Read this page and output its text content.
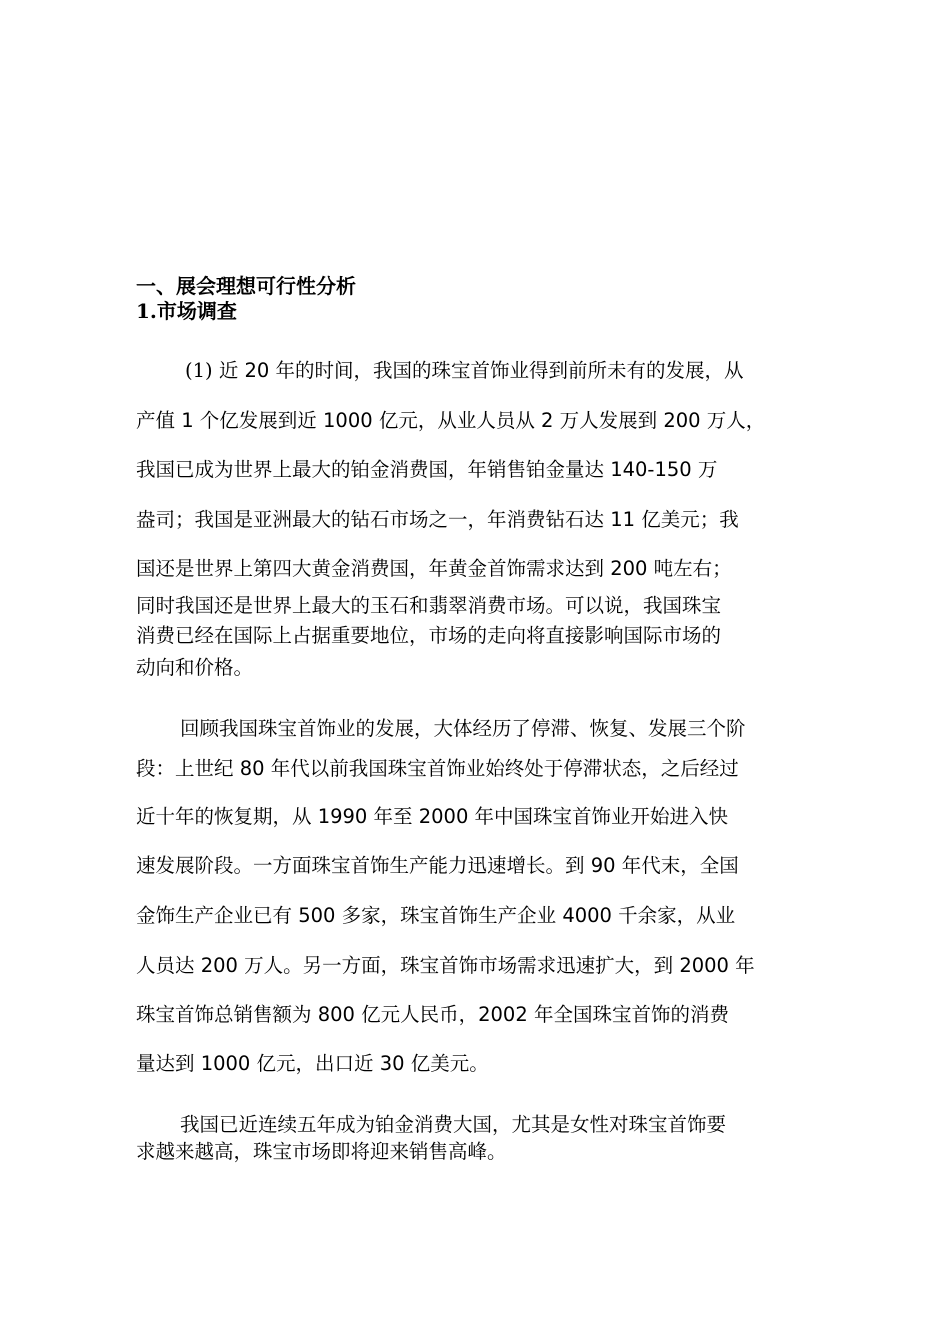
一、展会理想可行性分析
1.市场调查
(1) 近 20 年的时间，我国的珠宝首饰业得到前所未有的发展，从
产值 1 个亿发展到近 1000 亿元，从业人员从 2 万人发展到 200 万人，
我国已成为世界上最大的铂金消费国，年销售铂金量达 140-150 万
盎司；我国是亚洲最大的钻石市场之一，年消费钻石达 11 亿美元；我
国还是世界上第四大黄金消费国，年黄金首饰需求达到 200 吨左右；
同时我国还是世界上最大的玉石和翡翠消费市场。可以说，我国珠宝
消费已经在国际上占据重要地位，市场的走向将直接影响国际市场的
动向和价格。
回顾我国珠宝首饰业的发展，大体经历了停滞、恢复、发展三个阶
段：上世纪 80 年代以前我国珠宝首饰业始终处于停滞状态，之后经过
近十年的恢复期，从 1990 年至 2000 年中国珠宝首饰业开始进入快
速发展阶段。一方面珠宝首饰生产能力迅速增长。到 90 年代末，全国
金饰生产企业已有 500 多家，珠宝首饰生产企业 4000 千余家，从业
人员达 200 万人。另一方面，珠宝首饰市场需求迅速扩大，到 2000 年
珠宝首饰总销售额为 800 亿元人民币，2002 年全国珠宝首饰的消费
量达到 1000 亿元，出口近 30 亿美元。
我国已近连续五年成为铂金消费大国，尤其是女性对珠宝首饰要
求越来越高，珠宝市场即将迎来销售高峰。
